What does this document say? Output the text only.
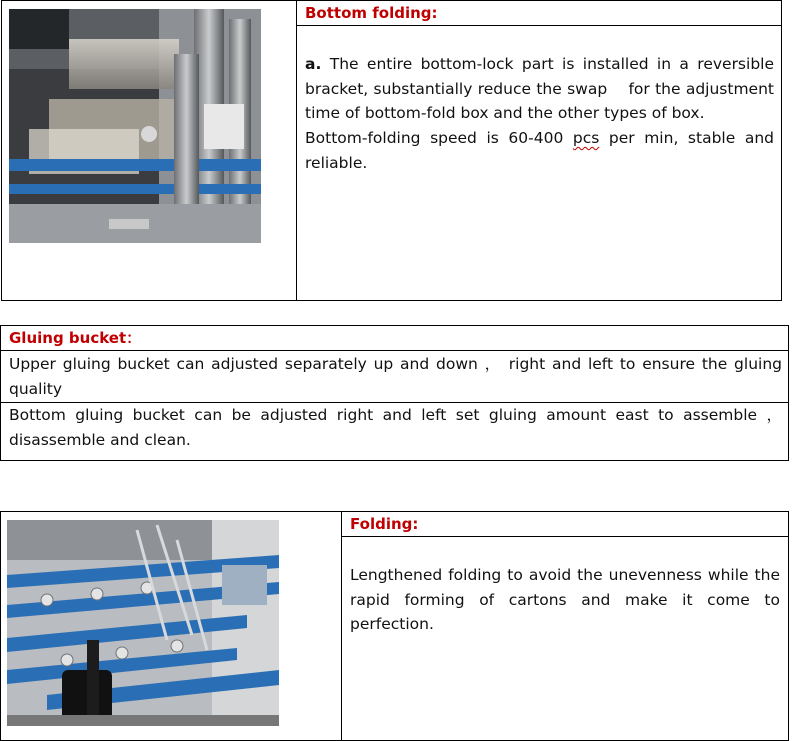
Bottom folding:
a. The entire bottom-lock part is installed in a reversible bracket, substantially reduce the swap    for the adjustment time of bottom-fold box and the other types of box.
Bottom-folding speed is 60-400 pcs per min, stable and reliable.
Gluing bucket：
Upper gluing bucket can adjusted separately up and down ， right and left to ensure the gluing quality
Bottom gluing bucket can be adjusted right and left set gluing amount east to assemble ， disassemble and clean.
Folding:
Lengthened folding to avoid the unevenness while the rapid forming of cartons and make it come to perfection.
